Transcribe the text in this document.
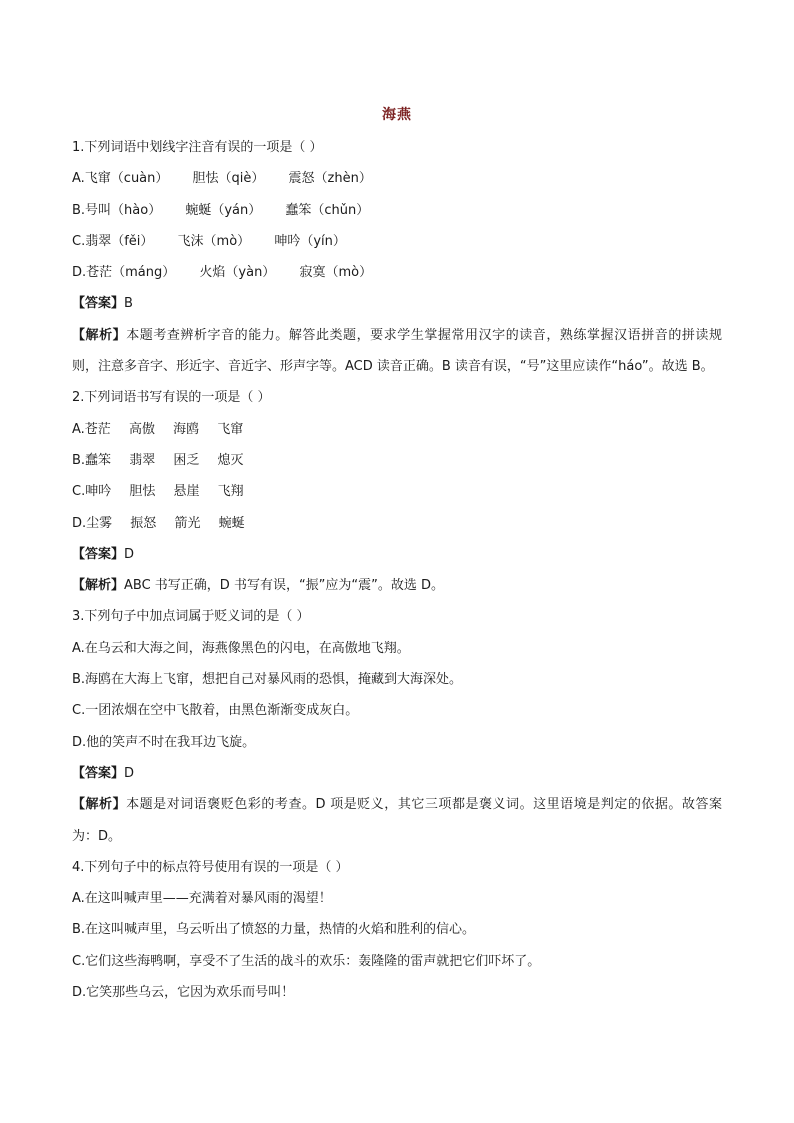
海燕
1.下列词语中划线字注音有误的一项是（ ）
A.飞窜（cuàn） 胆怯（qiè） 震怒（zhèn）
B.号叫（hào） 蜿蜒（yán） 蠢笨（chǔn）
C.翡翠（fěi） 飞沫（mò） 呻吟（yín）
D.苍茫（máng） 火焰（yàn） 寂寞（mò）
【答案】B
【解析】本题考查辨析字音的能力。解答此类题，要求学生掌握常用汉字的读音，熟练掌握汉语拼音的拼读规则，注意多音字、形近字、音近字、形声字等。ACD 读音正确。B 读音有误，“号”这里应读作“háo”。故选 B。
2.下列词语书写有误的一项是（ ）
A.苍茫 高傲 海鸥 飞窜
B.蠢笨 翡翠 困乏 熄灭
C.呻吟 胆怯 悬崖 飞翔
D.尘雾 振怒 箭光 蜿蜒
【答案】D
【解析】ABC 书写正确，D 书写有误，“振”应为“震”。故选 D。
3.下列句子中加点词属于贬义词的是（ ）
A.在乌云和大海之间，海燕像黑色的闪电，在高傲地飞翔。
B.海鸥在大海上飞窜，想把自己对暴风雨的恐惧，掩藏到大海深处。
C.一团浓烟在空中飞散着，由黑色渐渐变成灰白。
D.他的笑声不时在我耳边飞旋。
【答案】D
【解析】本题是对词语褒贬色彩的考查。D 项是贬义，其它三项都是褒义词。这里语境是判定的依据。故答案为：D。
4.下列句子中的标点符号使用有误的一项是（ ）
A.在这叫喊声里——充满着对暴风雨的渴望！
B.在这叫喊声里，乌云听出了愤怒的力量，热情的火焰和胜利的信心。
C.它们这些海鸭啊，享受不了生活的战斗的欢乐：轰隆隆的雷声就把它们吓坏了。
D.它笑那些乌云，它因为欢乐而号叫！
